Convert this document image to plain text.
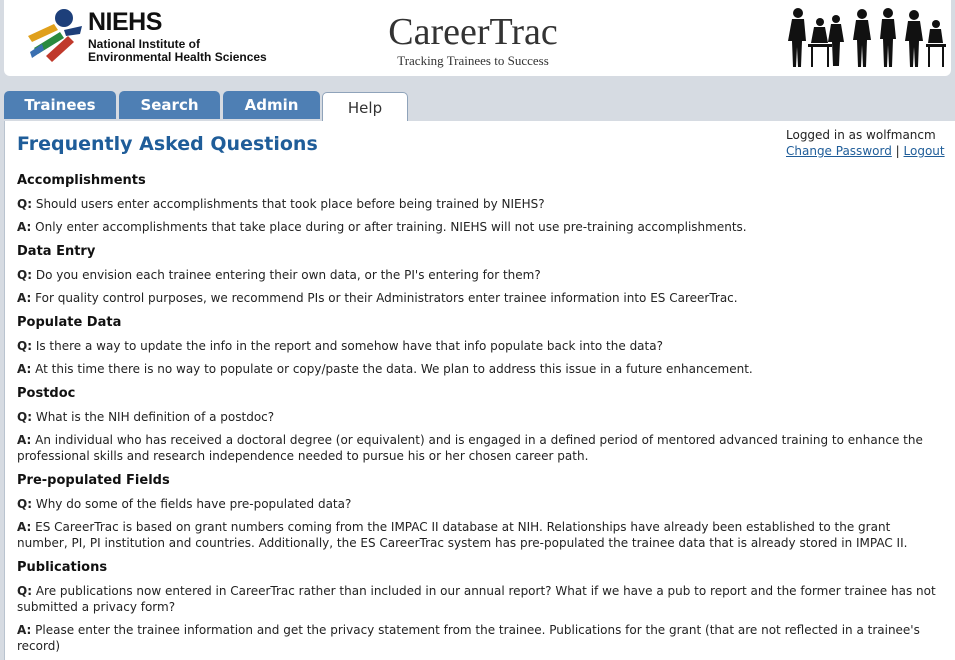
NIEHS
National Institute of Environmental Health Sciences
CareerTrac
Tracking Trainees to Success
Trainees	Search	Admin	Help
Frequently Asked Questions	Logged in as wolfmancm
Change Password | Logout
Accomplishments
Q: Should users enter accomplishments that took place before being trained by NIEHS?
A: Only enter accomplishments that take place during or after training. NIEHS will not use pre-training accomplishments.
Data Entry
Q: Do you envision each trainee entering their own data, or the PI's entering for them?
A: For quality control purposes, we recommend PIs or their Administrators enter trainee information into ES CareerTrac.
Populate Data
Q: Is there a way to update the info in the report and somehow have that info populate back into the data?
A: At this time there is no way to populate or copy/paste the data. We plan to address this issue in a future enhancement.
Postdoc
Q: What is the NIH definition of a postdoc?
A: An individual who has received a doctoral degree (or equivalent) and is engaged in a defined period of mentored advanced training to enhance the professional skills and research independence needed to pursue his or her chosen career path.
Pre-populated Fields
Q: Why do some of the fields have pre-populated data?
A: ES CareerTrac is based on grant numbers coming from the IMPAC II database at NIH. Relationships have already been established to the grant number, PI, PI institution and countries. Additionally, the ES CareerTrac system has pre-populated the trainee data that is already stored in IMPAC II.
Publications
Q: Are publications now entered in CareerTrac rather than included in our annual report? What if we have a pub to report and the former trainee has not submitted a privacy form?
A: Please enter the trainee information and get the privacy statement from the trainee. Publications for the grant (that are not reflected in a trainee's record)
